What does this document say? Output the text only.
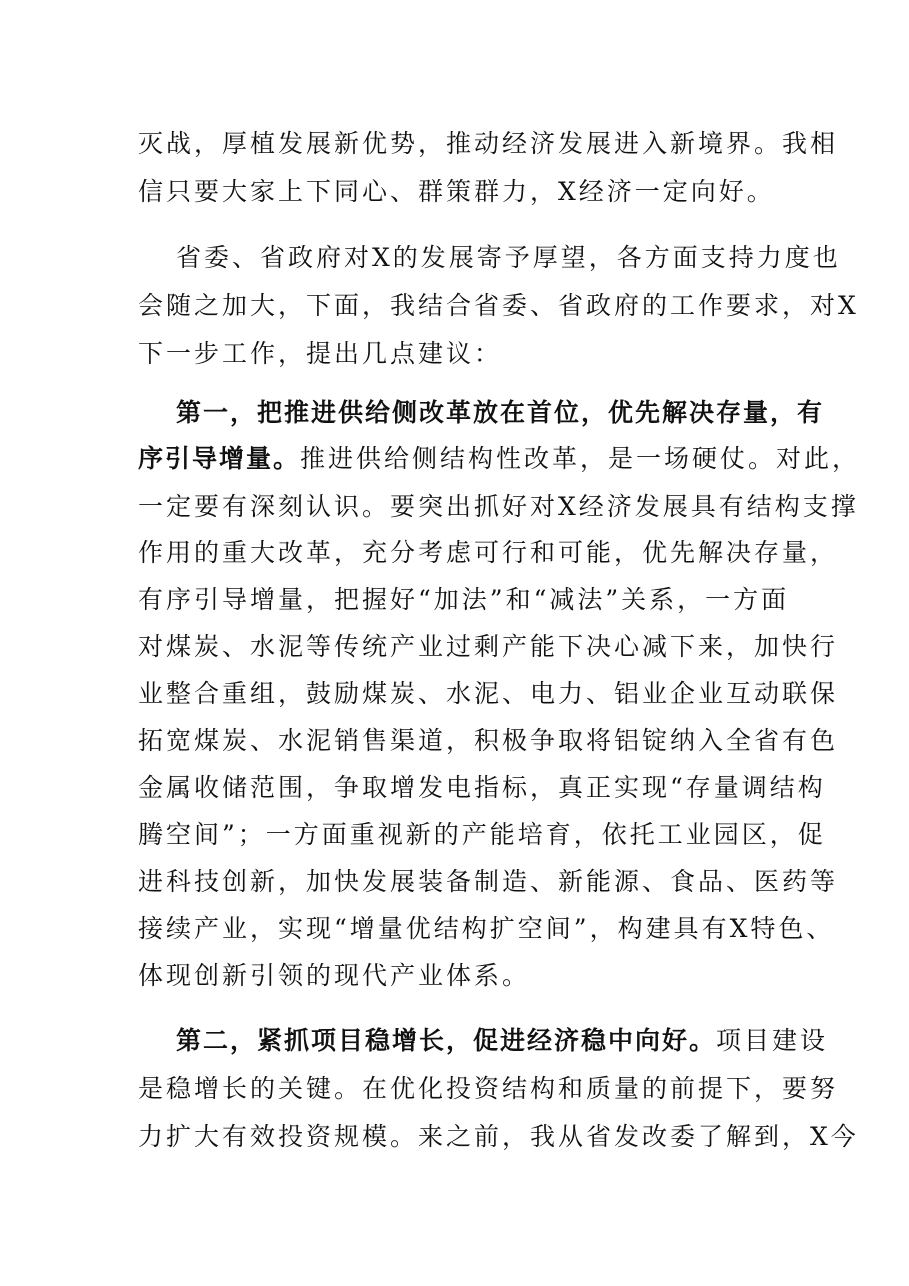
灭战，厚植发展新优势，推动经济发展进入新境界。我相

信只要大家上下同心、群策群力，X经济一定向好。

省委、省政府对X的发展寄予厚望，各方面支持力度也

会随之加大，下面，我结合省委、省政府的工作要求，对X

下一步工作，提出几点建议：

第一，把推进供给侧改革放在首位，优先解决存量，有

序引导增量。推进供给侧结构性改革，是一场硬仗。对此，

一定要有深刻认识。要突出抓好对X经济发展具有结构支撑

作用的重大改革，充分考虑可行和可能，优先解决存量，

有序引导增量，把握好“加法”和“减法”关系，一方面

对煤炭、水泥等传统产业过剩产能下决心减下来，加快行

业整合重组，鼓励煤炭、水泥、电力、铝业企业互动联保

拓宽煤炭、水泥销售渠道，积极争取将铝锭纳入全省有色

金属收储范围，争取增发电指标，真正实现“存量调结构

腾空间”；一方面重视新的产能培育，依托工业园区，促

进科技创新，加快发展装备制造、新能源、食品、医药等

接续产业，实现“增量优结构扩空间”，构建具有X特色、

体现创新引领的现代产业体系。

第二，紧抓项目稳增长，促进经济稳中向好。项目建设

是稳增长的关键。在优化投资结构和质量的前提下，要努

力扩大有效投资规模。来之前，我从省发改委了解到，X今
